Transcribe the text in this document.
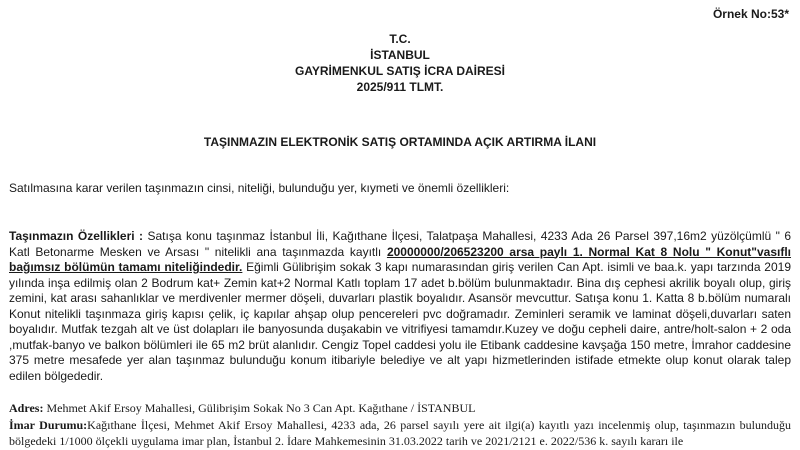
Örnek No:53*
T.C.
İSTANBUL
GAYRİMENKUL SATIŞ İCRA DAİRESİ
2025/911 TLMT.
TAŞINMAZIN ELEKTRONİK SATIŞ ORTAMINDA AÇIK ARTIRMA İLANI
Satılmasına karar verilen taşınmazın cinsi, niteliği, bulunduğu yer, kıymeti ve önemli özellikleri:
Taşınmazın Özellikleri : Satışa konu taşınmaz İstanbul İli, Kağıthane İlçesi, Talatpaşa Mahallesi, 4233 Ada 26 Parsel 397,16m2 yüzölçümlü " 6 Katl Betonarme Mesken ve Arsası " nitelikli ana taşınmazda kayıtlı 20000000/206523200 arsa paylı 1. Normal Kat 8 Nolu " Konut"vasıflı bağımsız bölümün tamamı niteliğindedir. Eğimli Gülibrişim sokak 3 kapı numarasından giriş verilen Can Apt. isimli ve baa.k. yapı tarzında 2019 yılında inşa edilmiş olan 2 Bodrum kat+ Zemin kat+2 Normal Katlı toplam 17 adet b.bölüm bulunmaktadır. Bina dış cephesi akrilik boyalı olup, giriş zemini, kat arası sahanlıklar ve merdivenler mermer döşeli, duvarları plastik boyalıdır. Asansör mevcuttur. Satışa konu 1. Katta 8 b.bölüm numaralı Konut nitelikli taşınmaza giriş kapısı çelik, iç kapılar ahşap olup pencereleri pvc doğramadır. Zeminleri seramik ve laminat döşeli,duvarları saten boyalıdır. Mutfak tezgah alt ve üst dolapları ile banyosunda duşakabin ve vitrifiyesi tamamdır.Kuzey ve doğu cepheli daire, antre/holt-salon + 2 oda ,mutfak-banyo ve balkon bölümleri ile 65 m2 brüt alanlıdır. Cengiz Topel caddesi yolu ile Etibank caddesine kavşağa 150 metre, İmrahor caddesine 375 metre mesafede yer alan taşınmaz bulunduğu konum itibariyle belediye ve alt yapı hizmetlerinden istifade etmekte olup konut olarak talep edilen bölgededir.
Adres: Mehmet Akif Ersoy Mahallesi, Gülibrişim Sokak No 3 Can Apt. Kağıthane / İSTANBUL
İmar Durumu:Kağıthane İlçesi, Mehmet Akif Ersoy Mahallesi, 4233 ada, 26 parsel sayılı yere ait ilgi(a) kayıtlı yazı incelenmiş olup, taşınmazın bulunduğu bölgedeki 1/1000 ölçekli uygulama imar plan, İstanbul 2. İdare Mahkemesinin 31.03.2022 tarih ve 2021/2121 e. 2022/536 k. sayılı kararı ile
